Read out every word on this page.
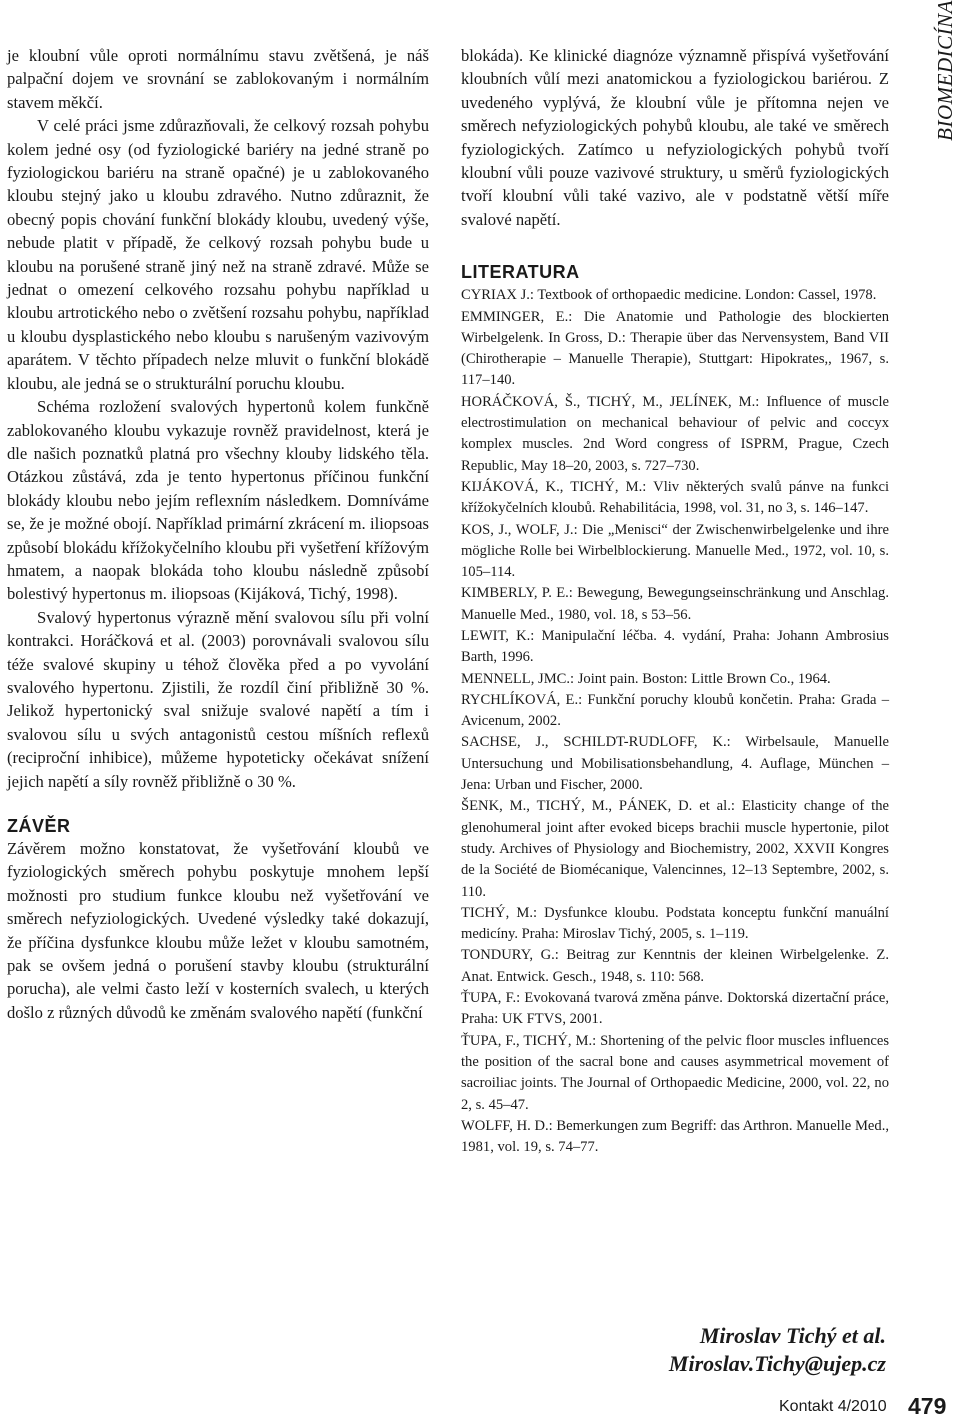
BIOMEDICÍNA

je kloubní vůle oproti normálnímu stavu zvětšená, je náš palpační dojem ve srovnání se zablokovaným i normálním stavem měkčí.

V celé práci jsme zdůrazňovali, že celkový rozsah pohybu kolem jedné osy (od fyziologické bariéry na jedné straně po fyziologickou bariéru na straně opačné) je u zablokovaného kloubu stejný jako u kloubu zdravého. Nutno zdůraznit, že obecný popis chování funkční blokády kloubu, uvedený výše, nebude platit v případě, že celkový rozsah pohybu bude u kloubu na porušené straně jiný než na straně zdravé. Může se jednat o omezení celkového rozsahu pohybu například u kloubu artrotického nebo o zvětšení rozsahu pohybu, například u kloubu dysplastického nebo kloubu s narušeným vazivovým aparátem. V těchto případech nelze mluvit o funkční blokádě kloubu, ale jedná se o strukturální poruchu kloubu.

Schéma rozložení svalových hypertonů kolem funkčně zablokovaného kloubu vykazuje rovněž pravidelnost, která je dle našich poznatků platná pro všechny klouby lidského těla. Otázkou zůstává, zda je tento hypertonus příčinou funkční blokády kloubu nebo jejím reflexním následkem. Domníváme se, že je možné obojí. Například primární zkrácení m. iliopsoas způsobí blokádu křížokyčelního kloubu při vyšetření křížovým hmatem, a naopak blokáda toho kloubu následně způsobí bolestivý hypertonus m. iliopsoas (Kijáková, Tichý, 1998).

Svalový hypertonus výrazně mění svalovou sílu při volní kontrakci. Horáčková et al. (2003) porovnávali svalovou sílu téže svalové skupiny u téhož člověka před a po vyvolání svalového hypertonu. Zjistili, že rozdíl činí přibližně 30 %. Jelikož hypertonický sval snižuje svalové napětí a tím i svalovou sílu u svých antagonistů cestou míšních reflexů (reciproční inhibice), můžeme hypoteticky očekávat snížení jejich napětí a síly rovněž přibližně o 30 %.

ZÁVĚR

Závěrem možno konstatovat, že vyšetřování kloubů ve fyziologických směrech pohybu poskytuje mnohem lepší možnosti pro studium funkce kloubu než vyšetřování ve směrech nefyziologických. Uvedené výsledky také dokazují, že příčina dysfunkce kloubu může ležet v kloubu samotném, pak se ovšem jedná o porušení stavby kloubu (strukturální porucha), ale velmi často leží v kosterních svalech, u kterých došlo z různých důvodů ke změnám svalového napětí (funkční

blokáda). Ke klinické diagnóze významně přispívá vyšetřování kloubních vůlí mezi anatomickou a fyziologickou bariérou. Z uvedeného vyplývá, že kloubní vůle je přítomna nejen ve směrech nefyziologických pohybů kloubu, ale také ve směrech fyziologických. Zatímco u nefyziologických pohybů tvoří kloubní vůli pouze vazivové struktury, u směrů fyziologických tvoří kloubní vůli také vazivo, ale v podstatně větší míře svalové napětí.

LITERATURA

CYRIAX J.: Textbook of orthopaedic medicine. London: Cassel, 1978.

EMMINGER, E.: Die Anatomie und Pathologie des blockierten Wirbelgelenk. In Gross, D.: Therapie über das Nervensystem, Band VII (Chirotherapie – Manuelle Therapie), Stuttgart: Hipokrates,, 1967, s. 117–140.

HORÁČKOVÁ, Š., TICHÝ, M., JELÍNEK, M.: Influence of muscle electrostimulation on mechanical behaviour of pelvic and coccyx komplex muscles. 2nd Word congress of ISPRM, Prague, Czech Republic, May 18–20, 2003, s. 727–730.

KIJÁKOVÁ, K., TICHÝ, M.: Vliv některých svalů pánve na funkci křížokyčelních kloubů. Rehabilitácia, 1998, vol. 31, no 3, s. 146–147.

KOS, J., WOLF, J.: Die „Menisci“ der Zwischenwirbelgelenke und ihre mögliche Rolle bei Wirbelblockierung. Manuelle Med., 1972, vol. 10, s. 105–114.

KIMBERLY, P. E.: Bewegung, Bewegungseinschränkung und Anschlag. Manuelle Med., 1980, vol. 18, s 53–56.

LEWIT, K.: Manipulační léčba. 4. vydání, Praha: Johann Ambrosius Barth, 1996.

MENNELL, JMC.: Joint pain. Boston: Little Brown Co., 1964.

RYCHLÍKOVÁ, E.: Funkční poruchy kloubů končetin. Praha: Grada – Avicenum, 2002.

SACHSE, J., SCHILDT-RUDLOFF, K.: Wirbelsaule, Manuelle Untersuchung und Mobilisationsbehandlung, 4. Auflage, München – Jena: Urban und Fischer, 2000.

ŠENK, M., TICHÝ, M., PÁNEK, D. et al.: Elasticity change of the glenohumeral joint after evoked biceps brachii muscle hypertonie, pilot study. Archives of Physiology and Biochemistry, 2002, XXVII Kongres de la Société de Biomécanique, Valencinnes, 12–13 Septembre, 2002, s. 110.

TICHÝ, M.: Dysfunkce kloubu. Podstata konceptu funkční manuální medicíny. Praha: Miroslav Tichý, 2005, s. 1–119.

TONDURY, G.: Beitrag zur Kenntnis der kleinen Wirbelgelenke. Z. Anat. Entwick. Gesch., 1948, s. 110: 568.

ŤUPA, F.: Evokovaná tvarová změna pánve. Doktorská dizertační práce, Praha: UK FTVS, 2001.

ŤUPA, F., TICHÝ, M.: Shortening of the pelvic floor muscles influences the position of the sacral bone and causes asymmetrical movement of sacroiliac joints. The Journal of Orthopaedic Medicine, 2000, vol. 22, no 2, s. 45–47.

WOLFF, H. D.: Bemerkungen zum Begriff: das Arthron. Manuelle Med., 1981, vol. 19, s. 74–77.

Miroslav Tichý et al.

Miroslav.Tichy@ujep.cz

Kontakt 4/2010 479
